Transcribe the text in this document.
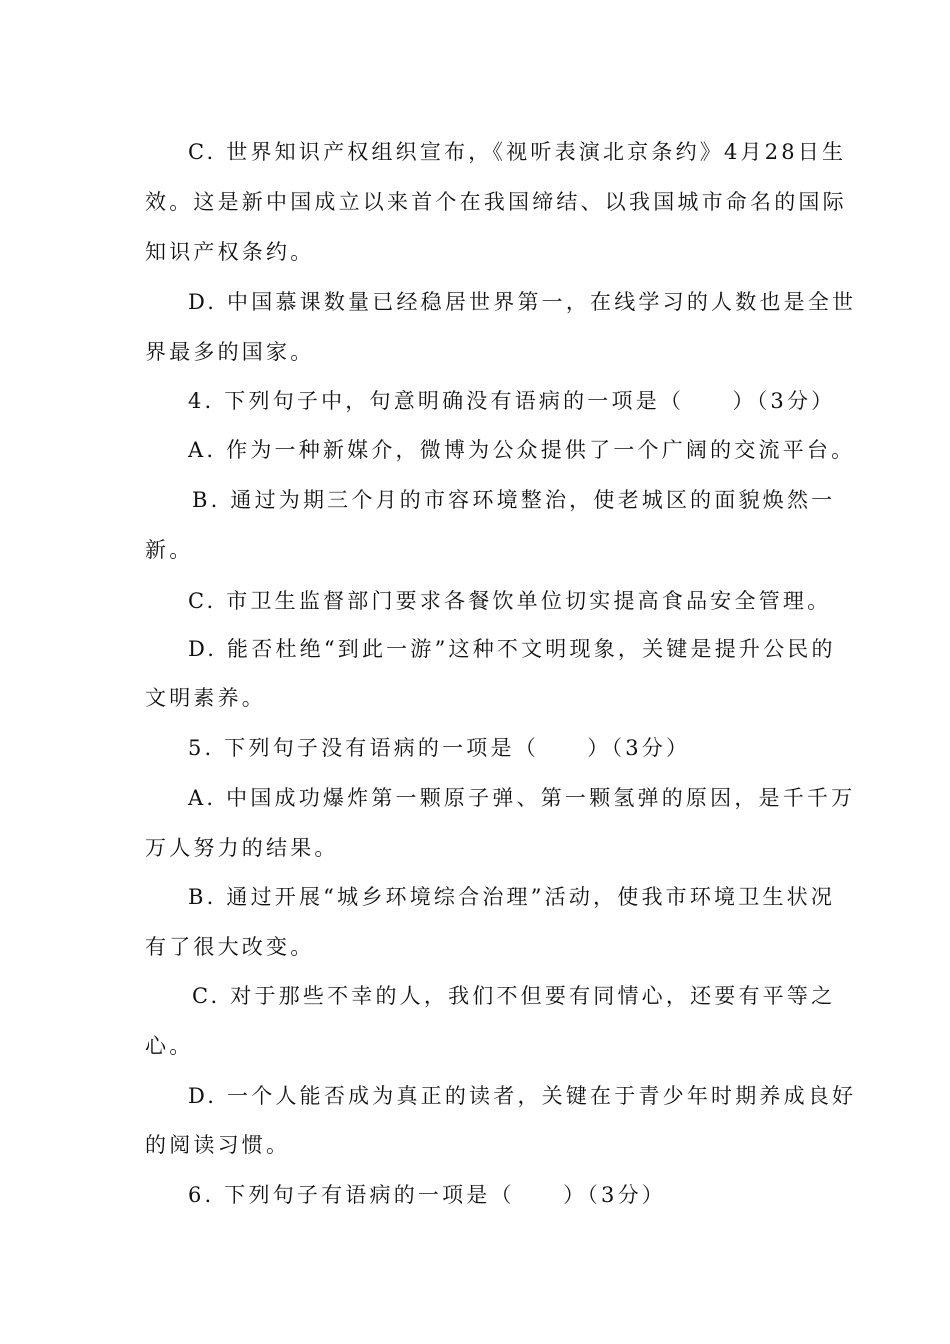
C. 世界知识产权组织宣布，《视听表演北京条约》4月28日生
效。这是新中国成立以来首个在我国缔结、以我国城市命名的国际
知识产权条约。
D. 中国慕课数量已经稳居世界第一，在线学习的人数也是全世
界最多的国家。
4. 下列句子中，句意明确没有语病的一项是（　　）（3分）
A. 作为一种新媒介，微博为公众提供了一个广阔的交流平台。
B. 通过为期三个月的市容环境整治，使老城区的面貌焕然一
新。
C. 市卫生监督部门要求各餐饮单位切实提高食品安全管理。
D. 能否杜绝“到此一游”这种不文明现象，关键是提升公民的
文明素养。
5. 下列句子没有语病的一项是（　　）（3分）
A. 中国成功爆炸第一颗原子弹、第一颗氢弹的原因，是千千万
万人努力的结果。
B. 通过开展“城乡环境综合治理”活动，使我市环境卫生状况
有了很大改变。
C. 对于那些不幸的人，我们不但要有同情心，还要有平等之
心。
D. 一个人能否成为真正的读者，关键在于青少年时期养成良好
的阅读习惯。
6. 下列句子有语病的一项是（　　）（3分）
